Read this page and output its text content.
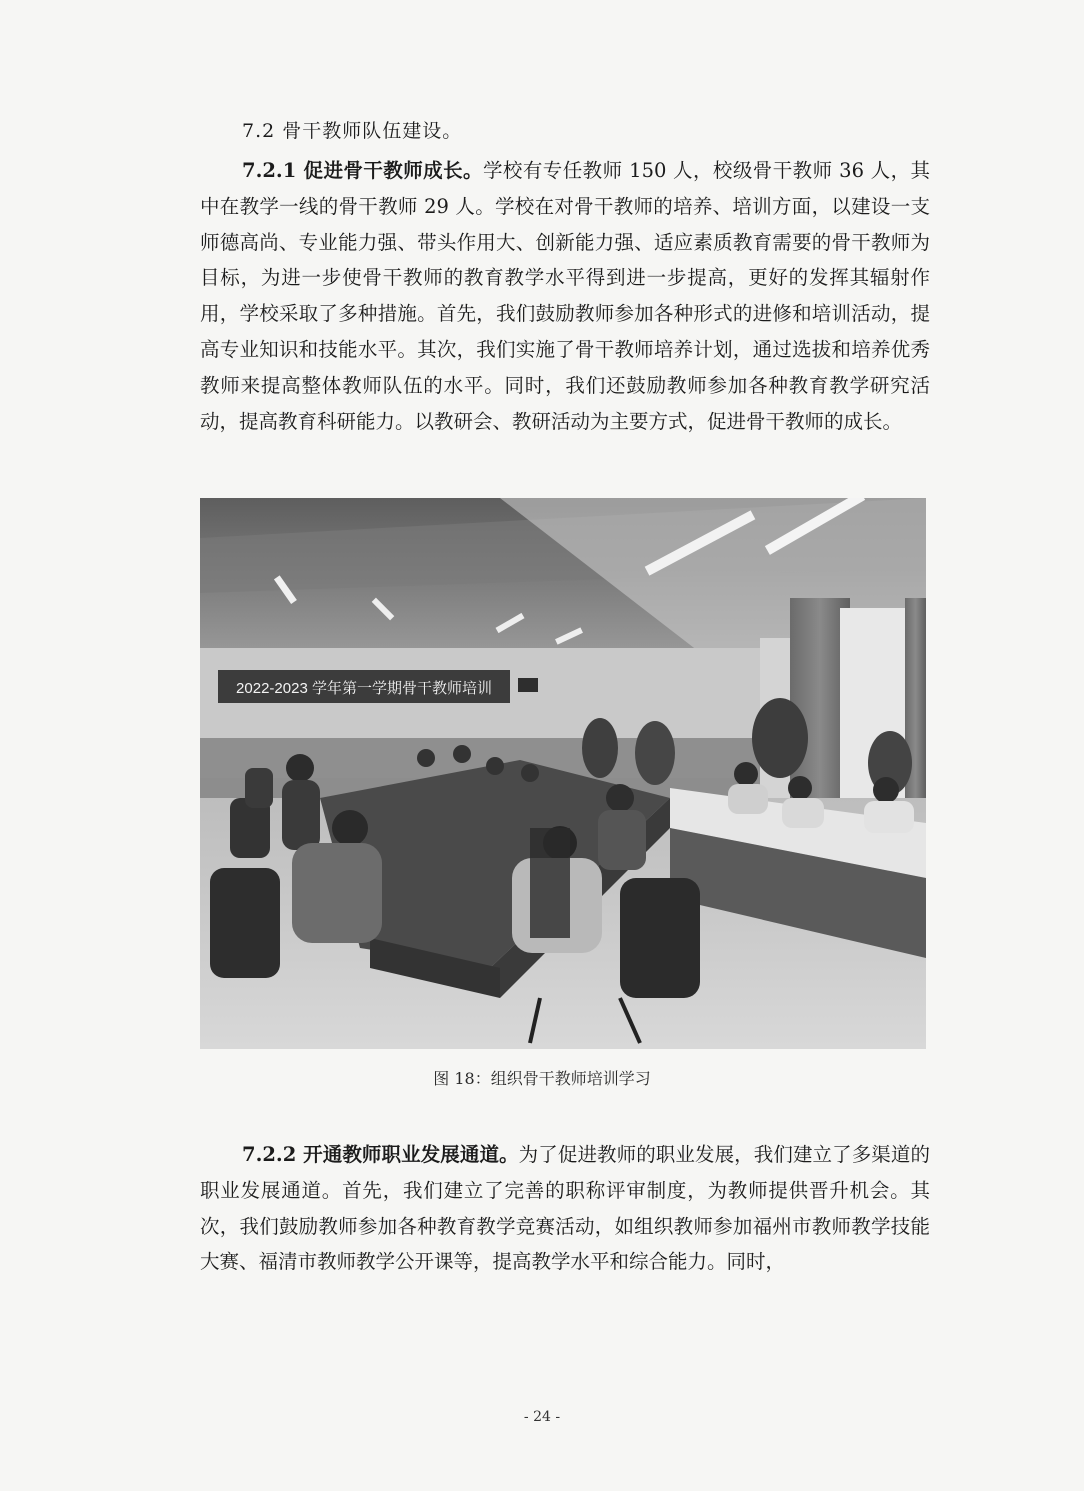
7.2 骨干教师队伍建设。

7.2.1 促进骨干教师成长。学校有专任教师 150 人，校级骨干教师 36 人，其中在教学一线的骨干教师 29 人。学校在对骨干教师的培养、培训方面，以建设一支师德高尚、专业能力强、带头作用大、创新能力强、适应素质教育需要的骨干教师为目标，为进一步使骨干教师的教育教学水平得到进一步提高，更好的发挥其辐射作用，学校采取了多种措施。首先，我们鼓励教师参加各种形式的进修和培训活动，提高专业知识和技能水平。其次，我们实施了骨干教师培养计划，通过选拔和培养优秀教师来提高整体教师队伍的水平。同时，我们还鼓励教师参加各种教育教学研究活动，提高教育科研能力。以教研会、教研活动为主要方式，促进骨干教师的成长。

2022-2023 学年第一学期骨干教师培训
图 18：组织骨干教师培训学习

7.2.2 开通教师职业发展通道。为了促进教师的职业发展，我们建立了多渠道的职业发展通道。首先，我们建立了完善的职称评审制度，为教师提供晋升机会。其次，我们鼓励教师参加各种教育教学竞赛活动，如组织教师参加福州市教师教学技能大赛、福清市教师教学公开课等，提高教学水平和综合能力。同时，

- 24 -
